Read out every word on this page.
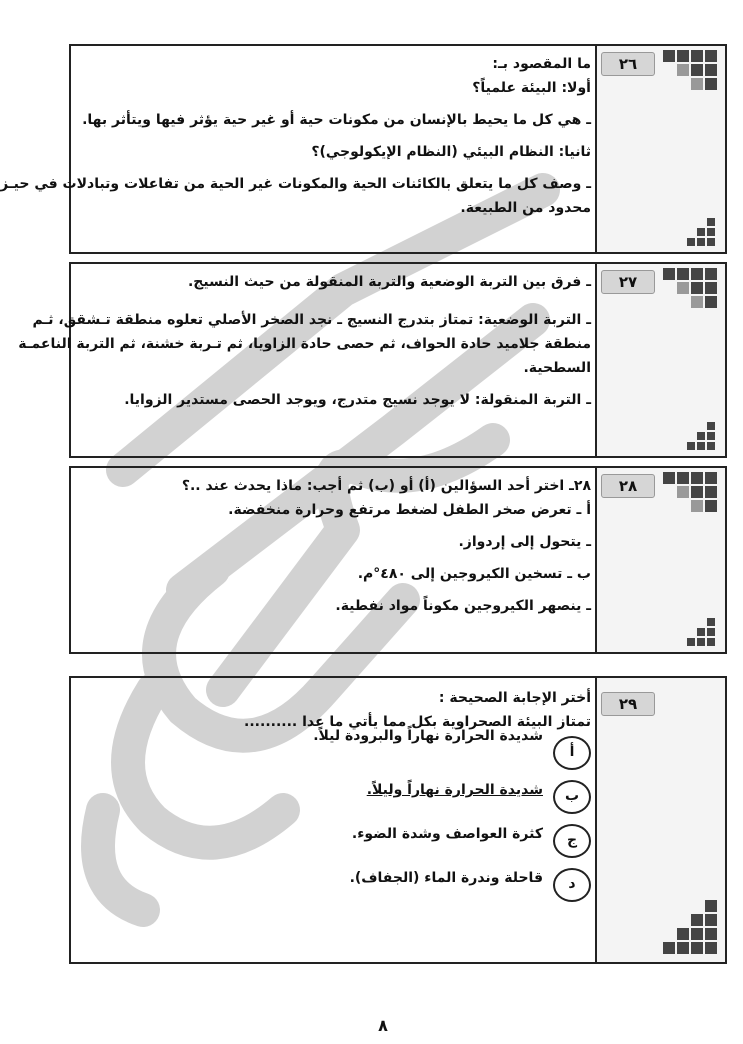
٢٦

ما المقصود بـ:

أولا: البيئة علمياً؟

ـ هي كل ما يحيط بالإنسان من مكونات حية أو غير حية يؤثر فيها ويتأثر بها.

ثانيا: النظام البيئي (النظام الإيكولوجي)؟

ـ وصف كل ما يتعلق بالكائنات الحية والمكونات غير الحية من تفاعلات وتبادلات في حيـز

محدود من الطبيعة.

٢٧

ـ فرق بين التربة الوضعية والتربة المنقولة من حيث النسيج.

ـ التربة الوضعية: تمتاز بتدرج النسيج ـ نجد الصخر الأصلي تعلوه منطقة تـشقق، ثـم

منطقة جلاميد حادة الحواف، ثم حصى حادة الزاويا، ثم تـربة خشنة، ثم التربة الناعمـة

السطحية.

ـ التربة المنقولة: لا يوجد نسيج متدرج، ويوجد الحصى مستدير الزوايا.

٢٨

٢٨ـ اختر أحد السؤالين (أ) أو (ب) ثم أجب: ماذا يحدث عند ..؟

أ ـ تعرض صخر الطفل لضغط مرتفع وحرارة منخفضة.

ـ يتحول إلى إردواز.

ب ـ تسخين الكيروجين إلى ٤٨٠°م.

ـ ينصهر الكيروجين مكوناً مواد نفطية.

٢٩

أختر الإجابة الصحيحة :

تمتاز البيئة الصحراوية بكل مما يأتي ما عدا ..........

أ
شديدة الحرارة نهاراً والبرودة ليلاً.
ب
شديدة الحرارة نهاراً وليلاً.
ج
كثرة العواصف وشدة الضوء.
د
قاحلة وندرة الماء (الجفاف).
٨
